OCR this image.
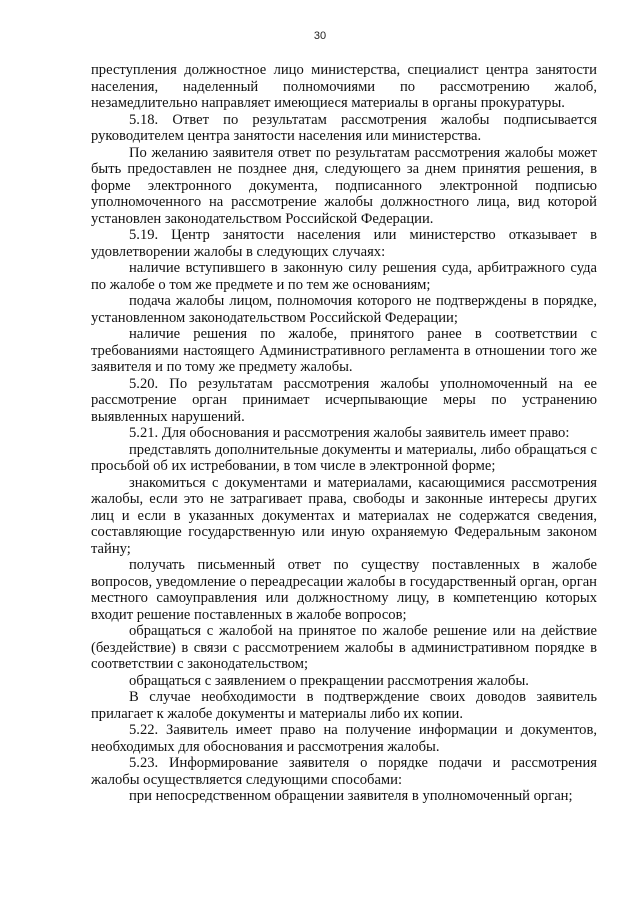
30

преступления должностное лицо министерства, специалист центра занятости населения, наделенный полномочиями по рассмотрению жалоб, незамедлительно направляет имеющиеся материалы в органы прокуратуры.

5.18. Ответ по результатам рассмотрения жалобы подписывается руководителем центра занятости населения или министерства.

По желанию заявителя ответ по результатам рассмотрения жалобы может быть предоставлен не позднее дня, следующего за днем принятия решения, в форме электронного документа, подписанного электронной подписью уполномоченного на рассмотрение жалобы должностного лица, вид которой установлен законодательством Российской Федерации.

5.19. Центр занятости населения или министерство отказывает в удовлетворении жалобы в следующих случаях:

наличие вступившего в законную силу решения суда, арбитражного суда по жалобе о том же предмете и по тем же основаниям;

подача жалобы лицом, полномочия которого не подтверждены в порядке, установленном законодательством Российской Федерации;

наличие решения по жалобе, принятого ранее в соответствии с требованиями настоящего Административного регламента в отношении того же заявителя и по тому же предмету жалобы.

5.20. По результатам рассмотрения жалобы уполномоченный на ее рассмотрение орган принимает исчерпывающие меры по устранению выявленных нарушений.

5.21. Для обоснования и рассмотрения жалобы заявитель имеет право:

представлять дополнительные документы и материалы, либо обращаться с просьбой об их истребовании, в том числе в электронной форме;

знакомиться с документами и материалами, касающимися рассмотрения жалобы, если это не затрагивает права, свободы и законные интересы других лиц и если в указанных документах и материалах не содержатся сведения, составляющие государственную или иную охраняемую Федеральным законом тайну;

получать письменный ответ по существу поставленных в жалобе вопросов, уведомление о переадресации жалобы в государственный орган, орган местного самоуправления или должностному лицу, в компетенцию которых входит решение поставленных в жалобе вопросов;

обращаться с жалобой на принятое по жалобе решение или на действие (бездействие) в связи с рассмотрением жалобы в административном порядке в соответствии с законодательством;

обращаться с заявлением о прекращении рассмотрения жалобы.

В случае необходимости в подтверждение своих доводов заявитель прилагает к жалобе документы и материалы либо их копии.

5.22. Заявитель имеет право на получение информации и документов, необходимых для обоснования и рассмотрения жалобы.

5.23. Информирование заявителя о порядке подачи и рассмотрения жалобы осуществляется следующими способами:

при непосредственном обращении заявителя в уполномоченный орган;
